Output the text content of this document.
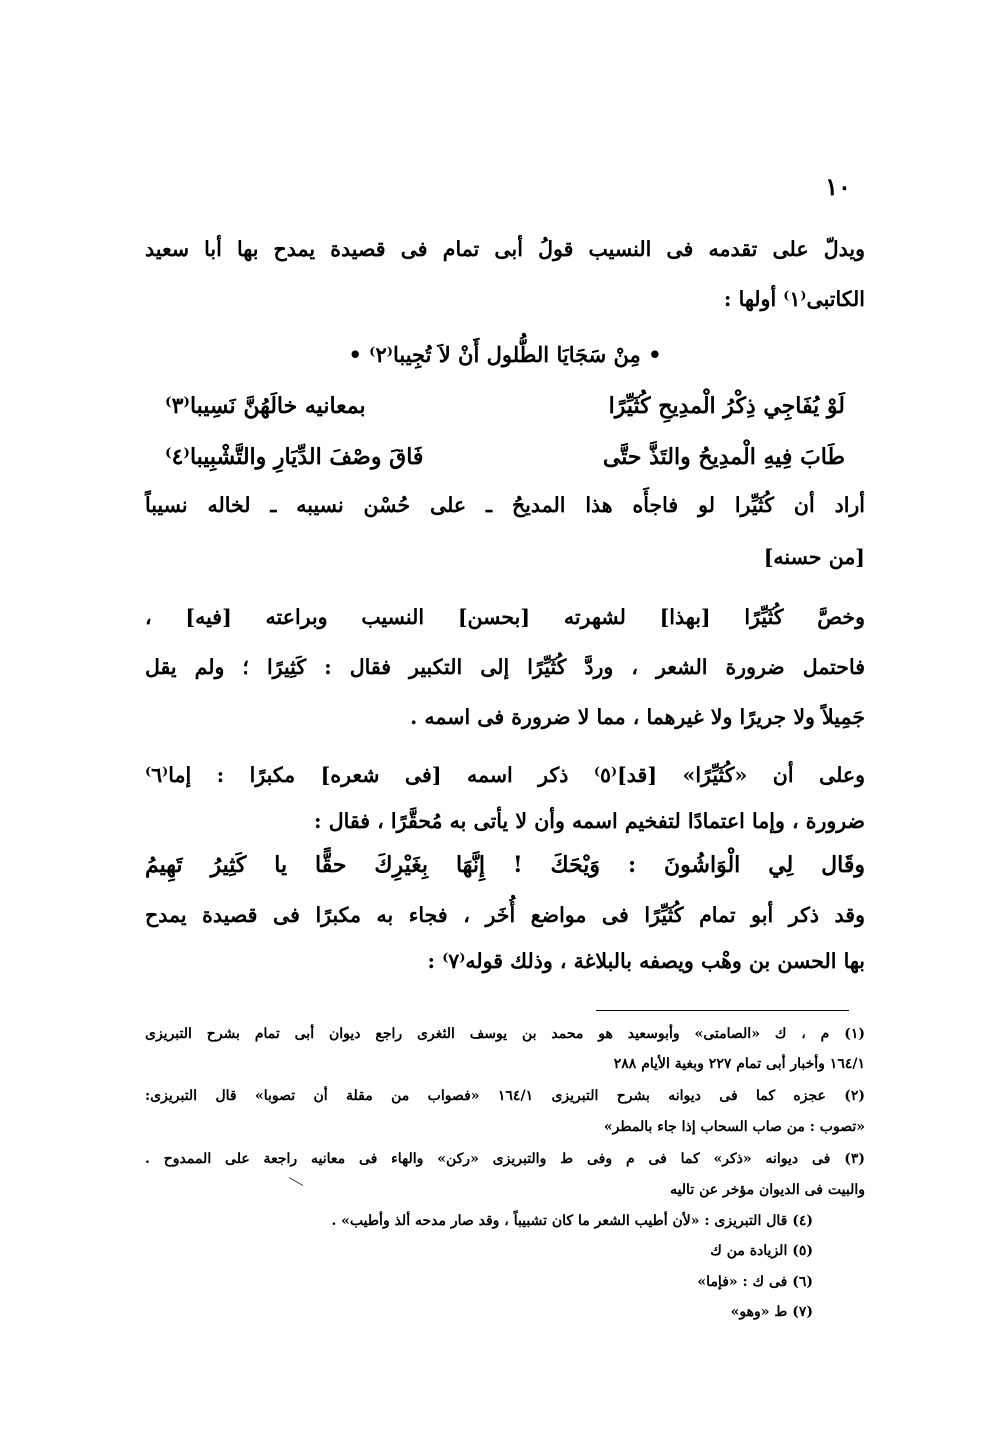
١٠
ويدلّ على تقدمه فى النسيب قولُ أبى تمام فى قصيدة يمدح بها أبا سعيد
الكاتبى⁽١⁾ أولها :
• مِنْ سَجَايَا الطُّلول أَنْ لاَ تُجِيبا⁽٢⁾ •
لَوْ يُفَاجِي ذِكْرُ الْمدِيحِ كُثَيِّرًا
بمعانيه خالَهُنَّ نَسِيبا⁽٣⁾
طَابَ فِيهِ الْمدِيحُ والتَذَّ حتَّى
فَاقَ وصْفَ الدِّيَارِ والتَّشْبِيبا⁽٤⁾
أراد أن كُثَيِّرا لو فاجأَه هذا المديحُ ـ على حُسْن نسيبه ـ لخاله نسيباً
[من حسنه]
وخصَّ كُثَيِّرًا [بهذا] لشهرته [بحسن] النسيب وبراعته [فيه] ،
فاحتمل ضرورة الشعر ، وردَّ كُثَيِّرًا إلى التكبير فقال : كَثِيرًا ؛ ولم يقل
جَمِيلاً ولا جريرًا ولا غيرهما ، مما لا ضرورة فى اسمه .
وعلى أن «كُثَيِّرًا» [قد]⁽٥⁾ ذكر اسمه [فى شعره] مكبرًا : إما⁽٦⁾
ضرورة ، وإما اعتمادًا لتفخيم اسمه وأن لا يأتى به مُحقَّرًا ، فقال :
وقَال لِي الْوَاشُونَ : وَيْحَكَ ! إِنَّهَا بِغَيْرِكَ حقًّا يا كَثِيرُ تَهِيمُ
وقد ذكر أبو تمام كُثَيِّرًا فى مواضع أُخَر ، فجاء به مكبرًا فى قصيدة يمدح
بها الحسن بن وهْب ويصفه بالبلاغة ، وذلك قوله⁽٧⁾ :
(١) م ، ك «الصامتى» وأبوسعيد هو محمد بن يوسف الثغرى راجع ديوان أبى تمام بشرح التبريزى
١٦٤/١ وأخبار أبى تمام ٢٢٧ وبغية الأيام ٢٨٨
(٢) عجزه كما فى ديوانه بشرح التبريزى ١٦٤/١ «فصواب من مقلة أن تصوبا» قال التبريزى:
«تصوب : من صاب السحاب إذا جاء بالمطر»
(٣) فى ديوانه «ذكر» كما فى م وفى ط والتبريزى «ركن» والهاء فى معانيه راجعة على الممدوح .
والبيت فى الديوان مؤخر عن تاليه
(٤) قال التبريزى : «لأن أطيب الشعر ما كان تشبيباً ، وقد صار مدحه ألذ وأطيب» .
(٥) الزيادة من ك
(٦) فى ك : «فإما»
(٧) ط «وهو»
